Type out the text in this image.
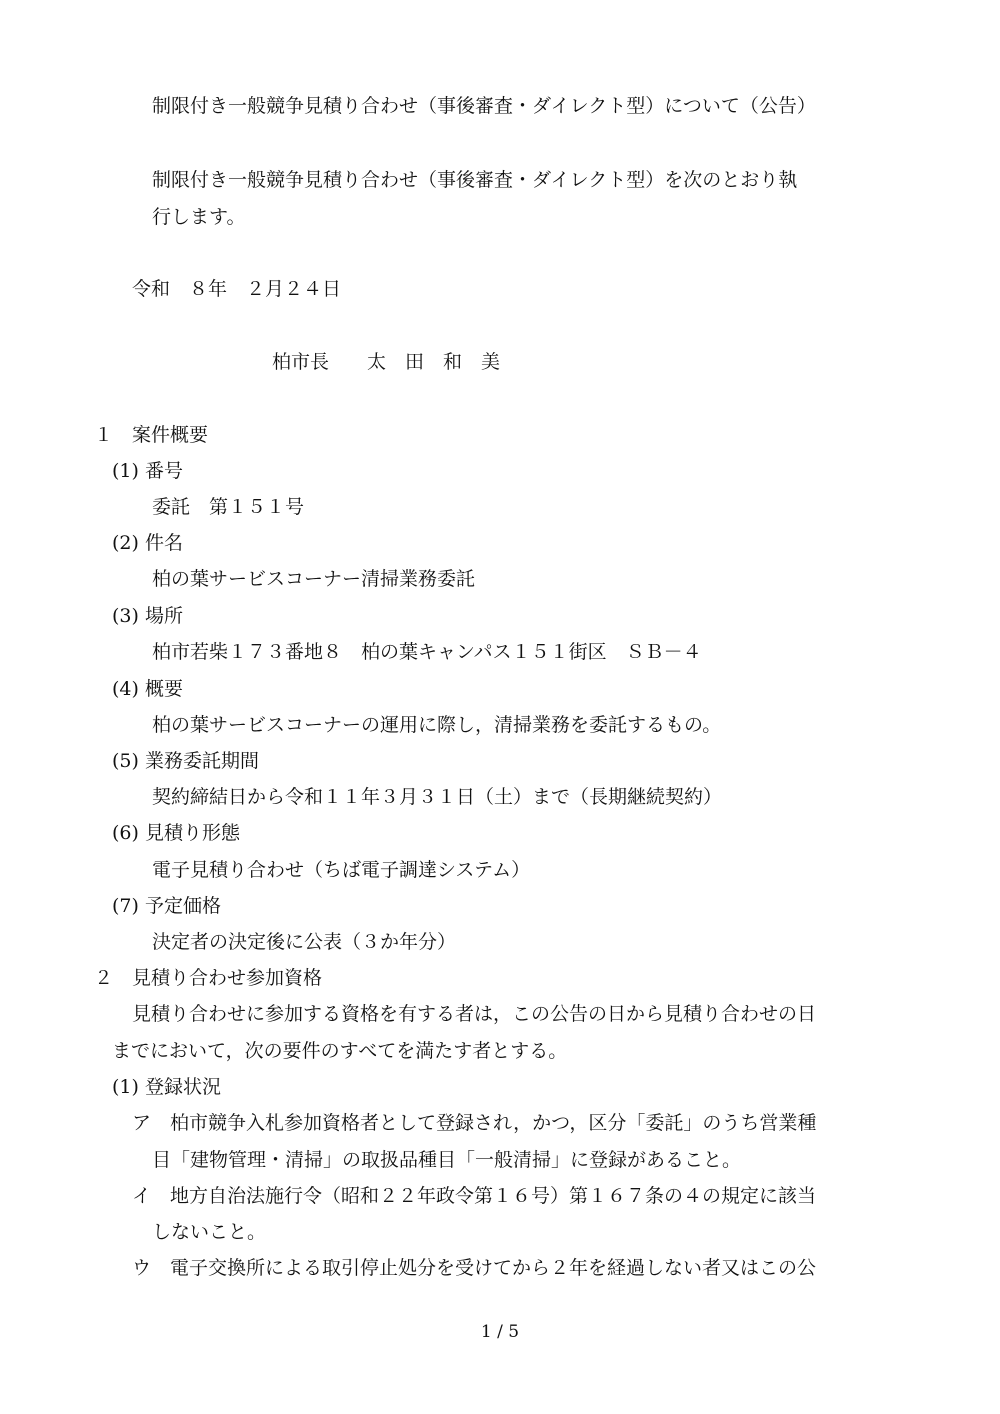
制限付き一般競争見積り合わせ（事後審査・ダイレクト型）について（公告）
制限付き一般競争見積り合わせ（事後審査・ダイレクト型）を次のとおり執
行します。
令和　８年　２月２４日
柏市長　　太　田　和　美
１　案件概要
(1) 番号
委託　第１５１号
(2) 件名
柏の葉サービスコーナー清掃業務委託
(3) 場所
柏市若柴１７３番地８　柏の葉キャンパス１５１街区　ＳＢ－４
(4) 概要
柏の葉サービスコーナーの運用に際し，清掃業務を委託するもの。
(5) 業務委託期間
契約締結日から令和１１年３月３１日（土）まで（長期継続契約）
(6) 見積り形態
電子見積り合わせ（ちば電子調達システム）
(7) 予定価格
決定者の決定後に公表（３か年分）
２　見積り合わせ参加資格
見積り合わせに参加する資格を有する者は，この公告の日から見積り合わせの日
までにおいて，次の要件のすべてを満たす者とする。
(1) 登録状況
ア　柏市競争入札参加資格者として登録され，かつ，区分「委託」のうち営業種
目「建物管理・清掃」の取扱品種目「一般清掃」に登録があること。
イ　地方自治法施行令（昭和２２年政令第１６号）第１６７条の４の規定に該当
しないこと。
ウ　電子交換所による取引停止処分を受けてから２年を経過しない者又はこの公
1 / 5
